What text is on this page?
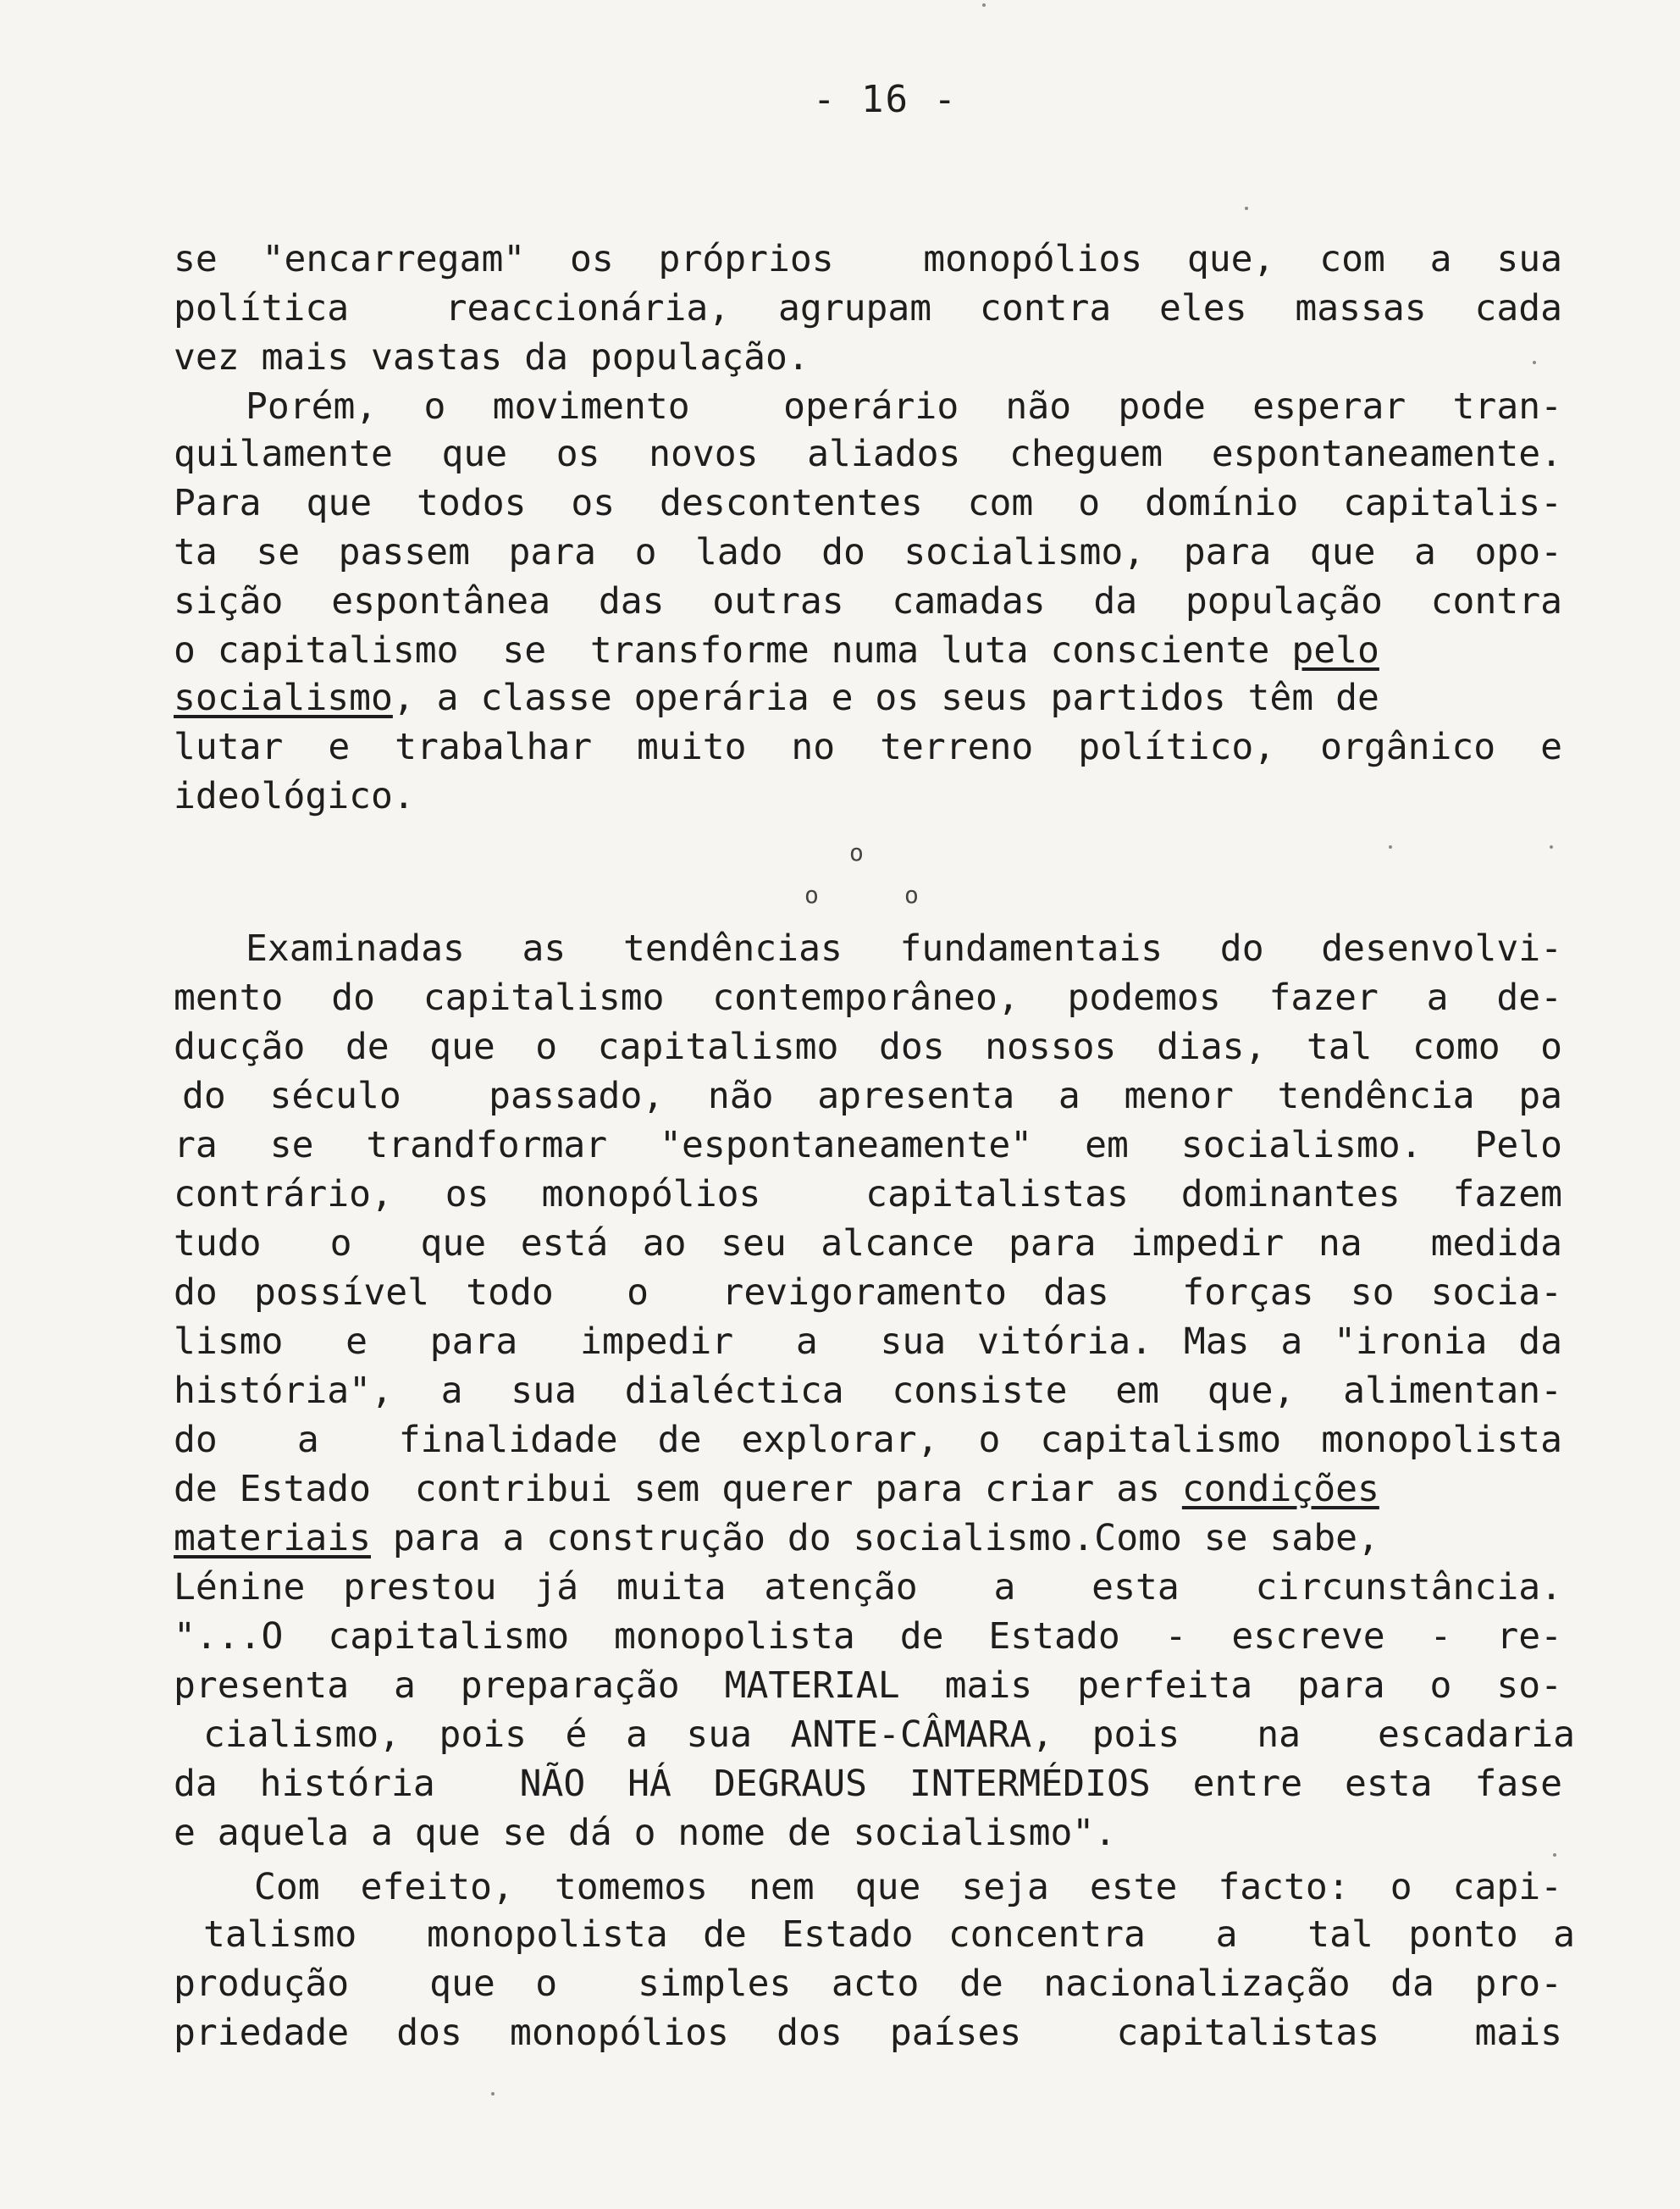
- 16 -
se "encarregam" os próprios  monopólios que, com a sua
política  reaccionária, agrupam contra eles massas cada
vez mais vastas da população.
Porém, o movimento  operário não pode esperar tran-
quilamente que os novos aliados cheguem espontaneamente.
Para que todos os descontentes com o domínio capitalis-
ta se passem para o lado do socialismo, para que a opo-
sição espontânea das outras camadas da população contra
o capitalismo  se  transforme numa luta consciente pelo
socialismo, a classe operária e os seus partidos têm de
lutar e trabalhar muito no terreno político, orgânico e
ideológico.
o
o	o
Examinadas as tendências fundamentais do desenvolvi-
mento do capitalismo contemporâneo, podemos fazer a de-
ducção de que o capitalismo dos nossos dias, tal como o
do século  passado, não apresenta a menor tendência pa
ra se trandformar "espontaneamente" em socialismo. Pelo
contrário, os monopólios  capitalistas dominantes fazem
tudo  o  que está ao seu alcance para impedir na  medida
do possível todo  o  revigoramento das  forças so socia-
lismo  e  para  impedir  a  sua vitória. Mas a "ironia da
história", a sua dialéctica consiste em que, alimentan-
do  a  finalidade de explorar, o capitalismo monopolista
de Estado  contribui sem querer para criar as condições
materiais para a construção do socialismo.Como se sabe,
Lénine prestou já muita atenção  a  esta  circunstância.
"...O capitalismo monopolista de Estado - escreve - re-
presenta a preparação MATERIAL mais perfeita para o so-
cialismo, pois é a sua ANTE-CÂMARA, pois  na  escadaria
da história  NÃO HÁ DEGRAUS INTERMÉDIOS entre esta fase
e aquela a que se dá o nome de socialismo".
Com efeito, tomemos nem que seja este facto: o capi-
talismo  monopolista de Estado concentra  a  tal ponto a
produção  que o  simples acto de nacionalização da pro-
priedade dos monopólios dos países  capitalistas  mais
